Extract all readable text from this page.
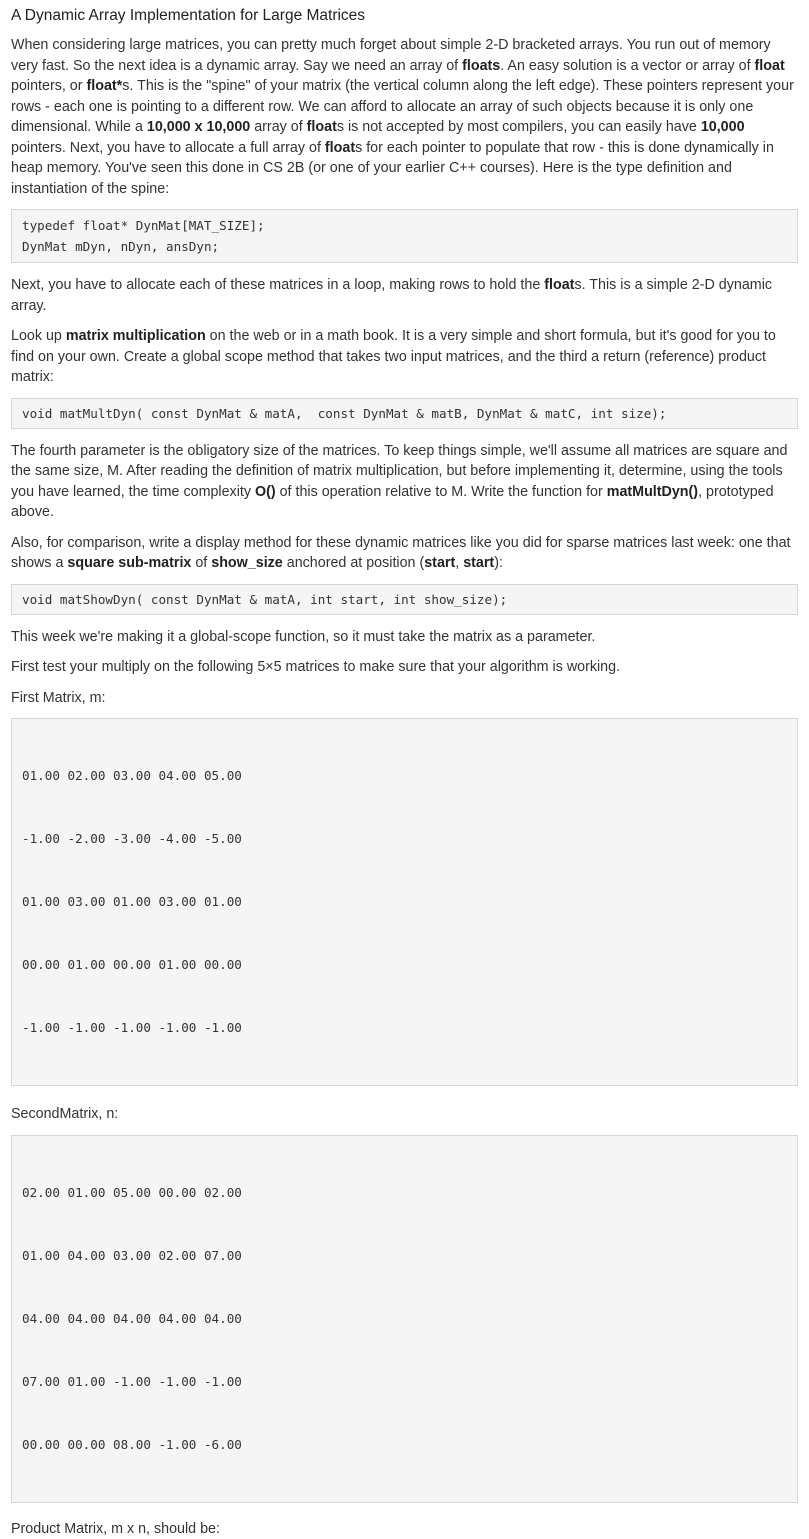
A Dynamic Array Implementation for Large Matrices

When considering large matrices, you can pretty much forget about simple 2-D bracketed arrays. You run out of memory very fast. So the next idea is a dynamic array. Say we need an array of floats. An easy solution is a vector or array of float pointers, or float*s. This is the "spine" of your matrix (the vertical column along the left edge). These pointers represent your rows - each one is pointing to a different row. We can afford to allocate an array of such objects because it is only one dimensional. While a 10,000 x 10,000 array of floats is not accepted by most compilers, you can easily have 10,000 pointers. Next, you have to allocate a full array of floats for each pointer to populate that row - this is done dynamically in heap memory. You've seen this done in CS 2B (or one of your earlier C++ courses). Here is the type definition and instantiation of the spine:

typedef float* DynMat[MAT_SIZE];
DynMat mDyn, nDyn, ansDyn;

Next, you have to allocate each of these matrices in a loop, making rows to hold the floats. This is a simple 2-D dynamic array.

Look up matrix multiplication on the web or in a math book. It is a very simple and short formula, but it's good for you to find on your own. Create a global scope method that takes two input matrices, and the third a return (reference) product matrix:

void matMultDyn( const DynMat & matA,  const DynMat & matB, DynMat & matC, int size);

The fourth parameter is the obligatory size of the matrices. To keep things simple, we'll assume all matrices are square and the same size, M. After reading the definition of matrix multiplication, but before implementing it, determine, using the tools you have learned, the time complexity O() of this operation relative to M. Write the function for matMultDyn(), prototyped above.

Also, for comparison, write a display method for these dynamic matrices like you did for sparse matrices last week: one that shows a square sub-matrix of show_size anchored at position (start, start):

void matShowDyn( const DynMat & matA, int start, int show_size);

This week we're making it a global-scope function, so it must take the matrix as a parameter.

First test your multiply on the following 5×5 matrices to make sure that your algorithm is working.

First Matrix, m:

01.00 02.00 03.00 04.00 05.00

-1.00 -2.00 -3.00 -4.00 -5.00

01.00 03.00 01.00 03.00 01.00

00.00 01.00 00.00 01.00 00.00

-1.00 -1.00 -1.00 -1.00 -1.00

SecondMatrix, n:

02.00 01.00 05.00 00.00 02.00

01.00 04.00 03.00 02.00 07.00

04.00 04.00 04.00 04.00 04.00

07.00 01.00 -1.00 -1.00 -1.00

00.00 00.00 08.00 -1.00 -6.00

Product Matrix, m x n, should be:
